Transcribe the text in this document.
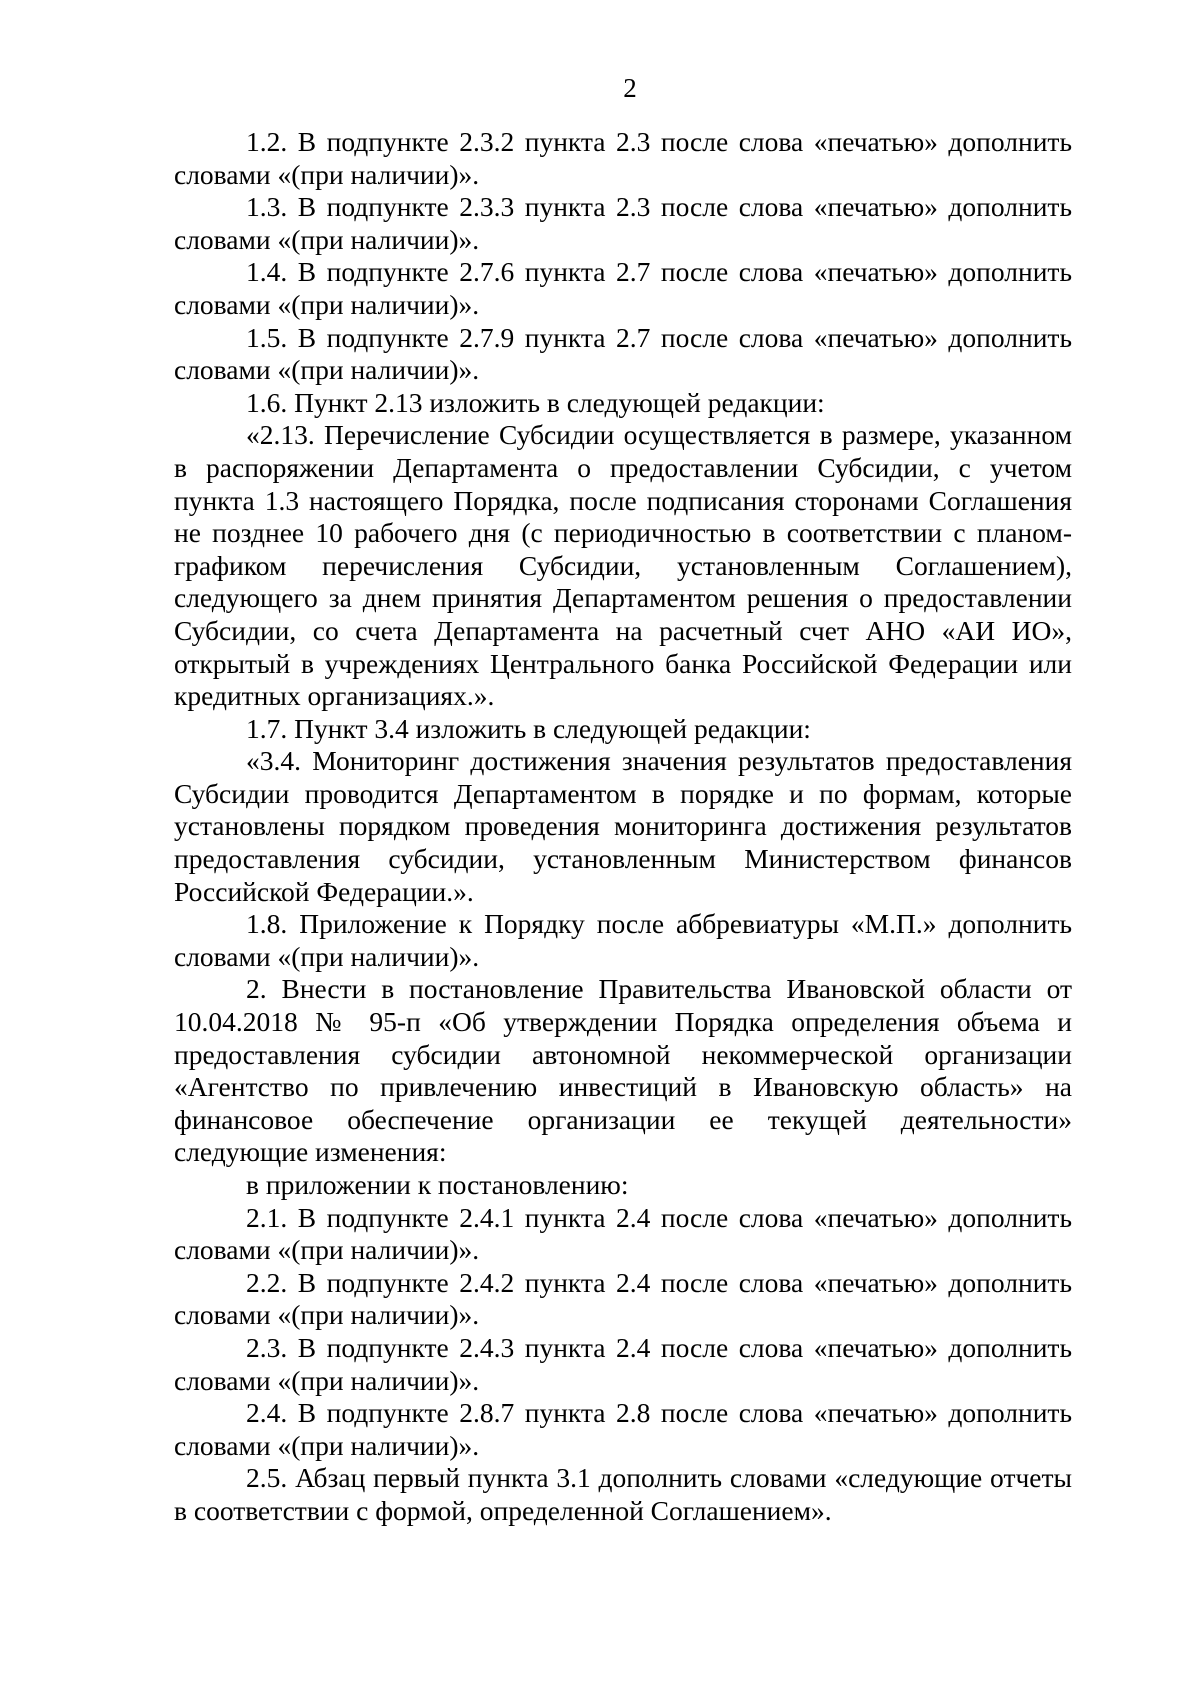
2

1.2. В подпункте 2.3.2 пункта 2.3 после слова «печатью» дополнить словами «(при наличии)».

1.3. В подпункте 2.3.3 пункта 2.3 после слова «печатью» дополнить словами «(при наличии)».

1.4. В подпункте 2.7.6 пункта 2.7 после слова «печатью» дополнить словами «(при наличии)».

1.5. В подпункте 2.7.9 пункта 2.7 после слова «печатью» дополнить словами «(при наличии)».

1.6. Пункт 2.13 изложить в следующей редакции:

«2.13. Перечисление Субсидии осуществляется в размере, указанном в распоряжении Департамента о предоставлении Субсидии, с учетом пункта 1.3 настоящего Порядка, после подписания сторонами Соглашения не позднее 10 рабочего дня (с периодичностью в соответствии с планом-графиком перечисления Субсидии, установленным Соглашением), следующего за днем принятия Департаментом решения о предоставлении Субсидии, со счета Департамента на расчетный счет АНО «АИ ИО», открытый в учреждениях Центрального банка Российской Федерации или кредитных организациях.».

1.7. Пункт 3.4 изложить в следующей редакции:

«3.4. Мониторинг достижения значения результатов предоставления Субсидии проводится Департаментом в порядке и по формам, которые установлены порядком проведения мониторинга достижения результатов предоставления субсидии, установленным Министерством финансов Российской Федерации.».

1.8. Приложение к Порядку после аббревиатуры «М.П.» дополнить словами «(при наличии)».

2. Внести в постановление Правительства Ивановской области от 10.04.2018 № 95-п «Об утверждении Порядка определения объема и предоставления субсидии автономной некоммерческой организации «Агентство по привлечению инвестиций в Ивановскую область» на финансовое обеспечение организации ее текущей деятельности» следующие изменения:

в приложении к постановлению:

2.1. В подпункте 2.4.1 пункта 2.4 после слова «печатью» дополнить словами «(при наличии)».

2.2. В подпункте 2.4.2 пункта 2.4 после слова «печатью» дополнить словами «(при наличии)».

2.3. В подпункте 2.4.3 пункта 2.4 после слова «печатью» дополнить словами «(при наличии)».

2.4. В подпункте 2.8.7 пункта 2.8 после слова «печатью» дополнить словами «(при наличии)».

2.5. Абзац первый пункта 3.1 дополнить словами «следующие отчеты в соответствии с формой, определенной Соглашением».
